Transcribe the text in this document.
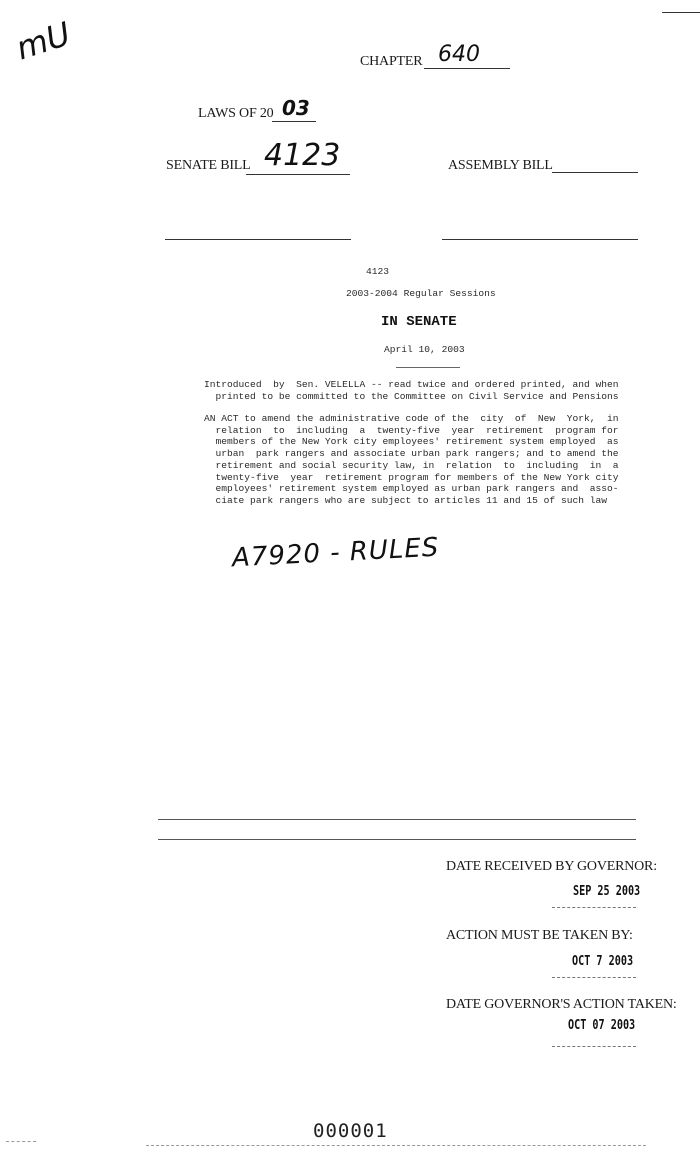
mU	CHAPTER 640
LAWS OF 20 03
SENATE BILL 4123	ASSEMBLY BILL
4123
2003-2004 Regular Sessions
IN SENATE
April 10, 2003
Introduced  by  Sen. VELELLA -- read twice and ordered printed, and when
printed to be committed to the Committee on Civil Service and Pensions
AN ACT to amend the administrative code of the  city  of  New  York,  in
relation  to  including  a  twenty-five  year  retirement  program for
members of the New York city employees' retirement system employed  as
urban  park rangers and associate urban park rangers; and to amend the
retirement and social security law, in  relation  to  including  in  a
twenty-five  year  retirement program for members of the New York city
employees' retirement system employed as urban park rangers and  asso-
ciate park rangers who are subject to articles 11 and 15 of such law
A7920 - RULES
DATE RECEIVED BY GOVERNOR:
SEP 25 2003
ACTION MUST BE TAKEN BY:
OCT 7 2003
DATE GOVERNOR'S ACTION TAKEN:
OCT 07 2003
000001
